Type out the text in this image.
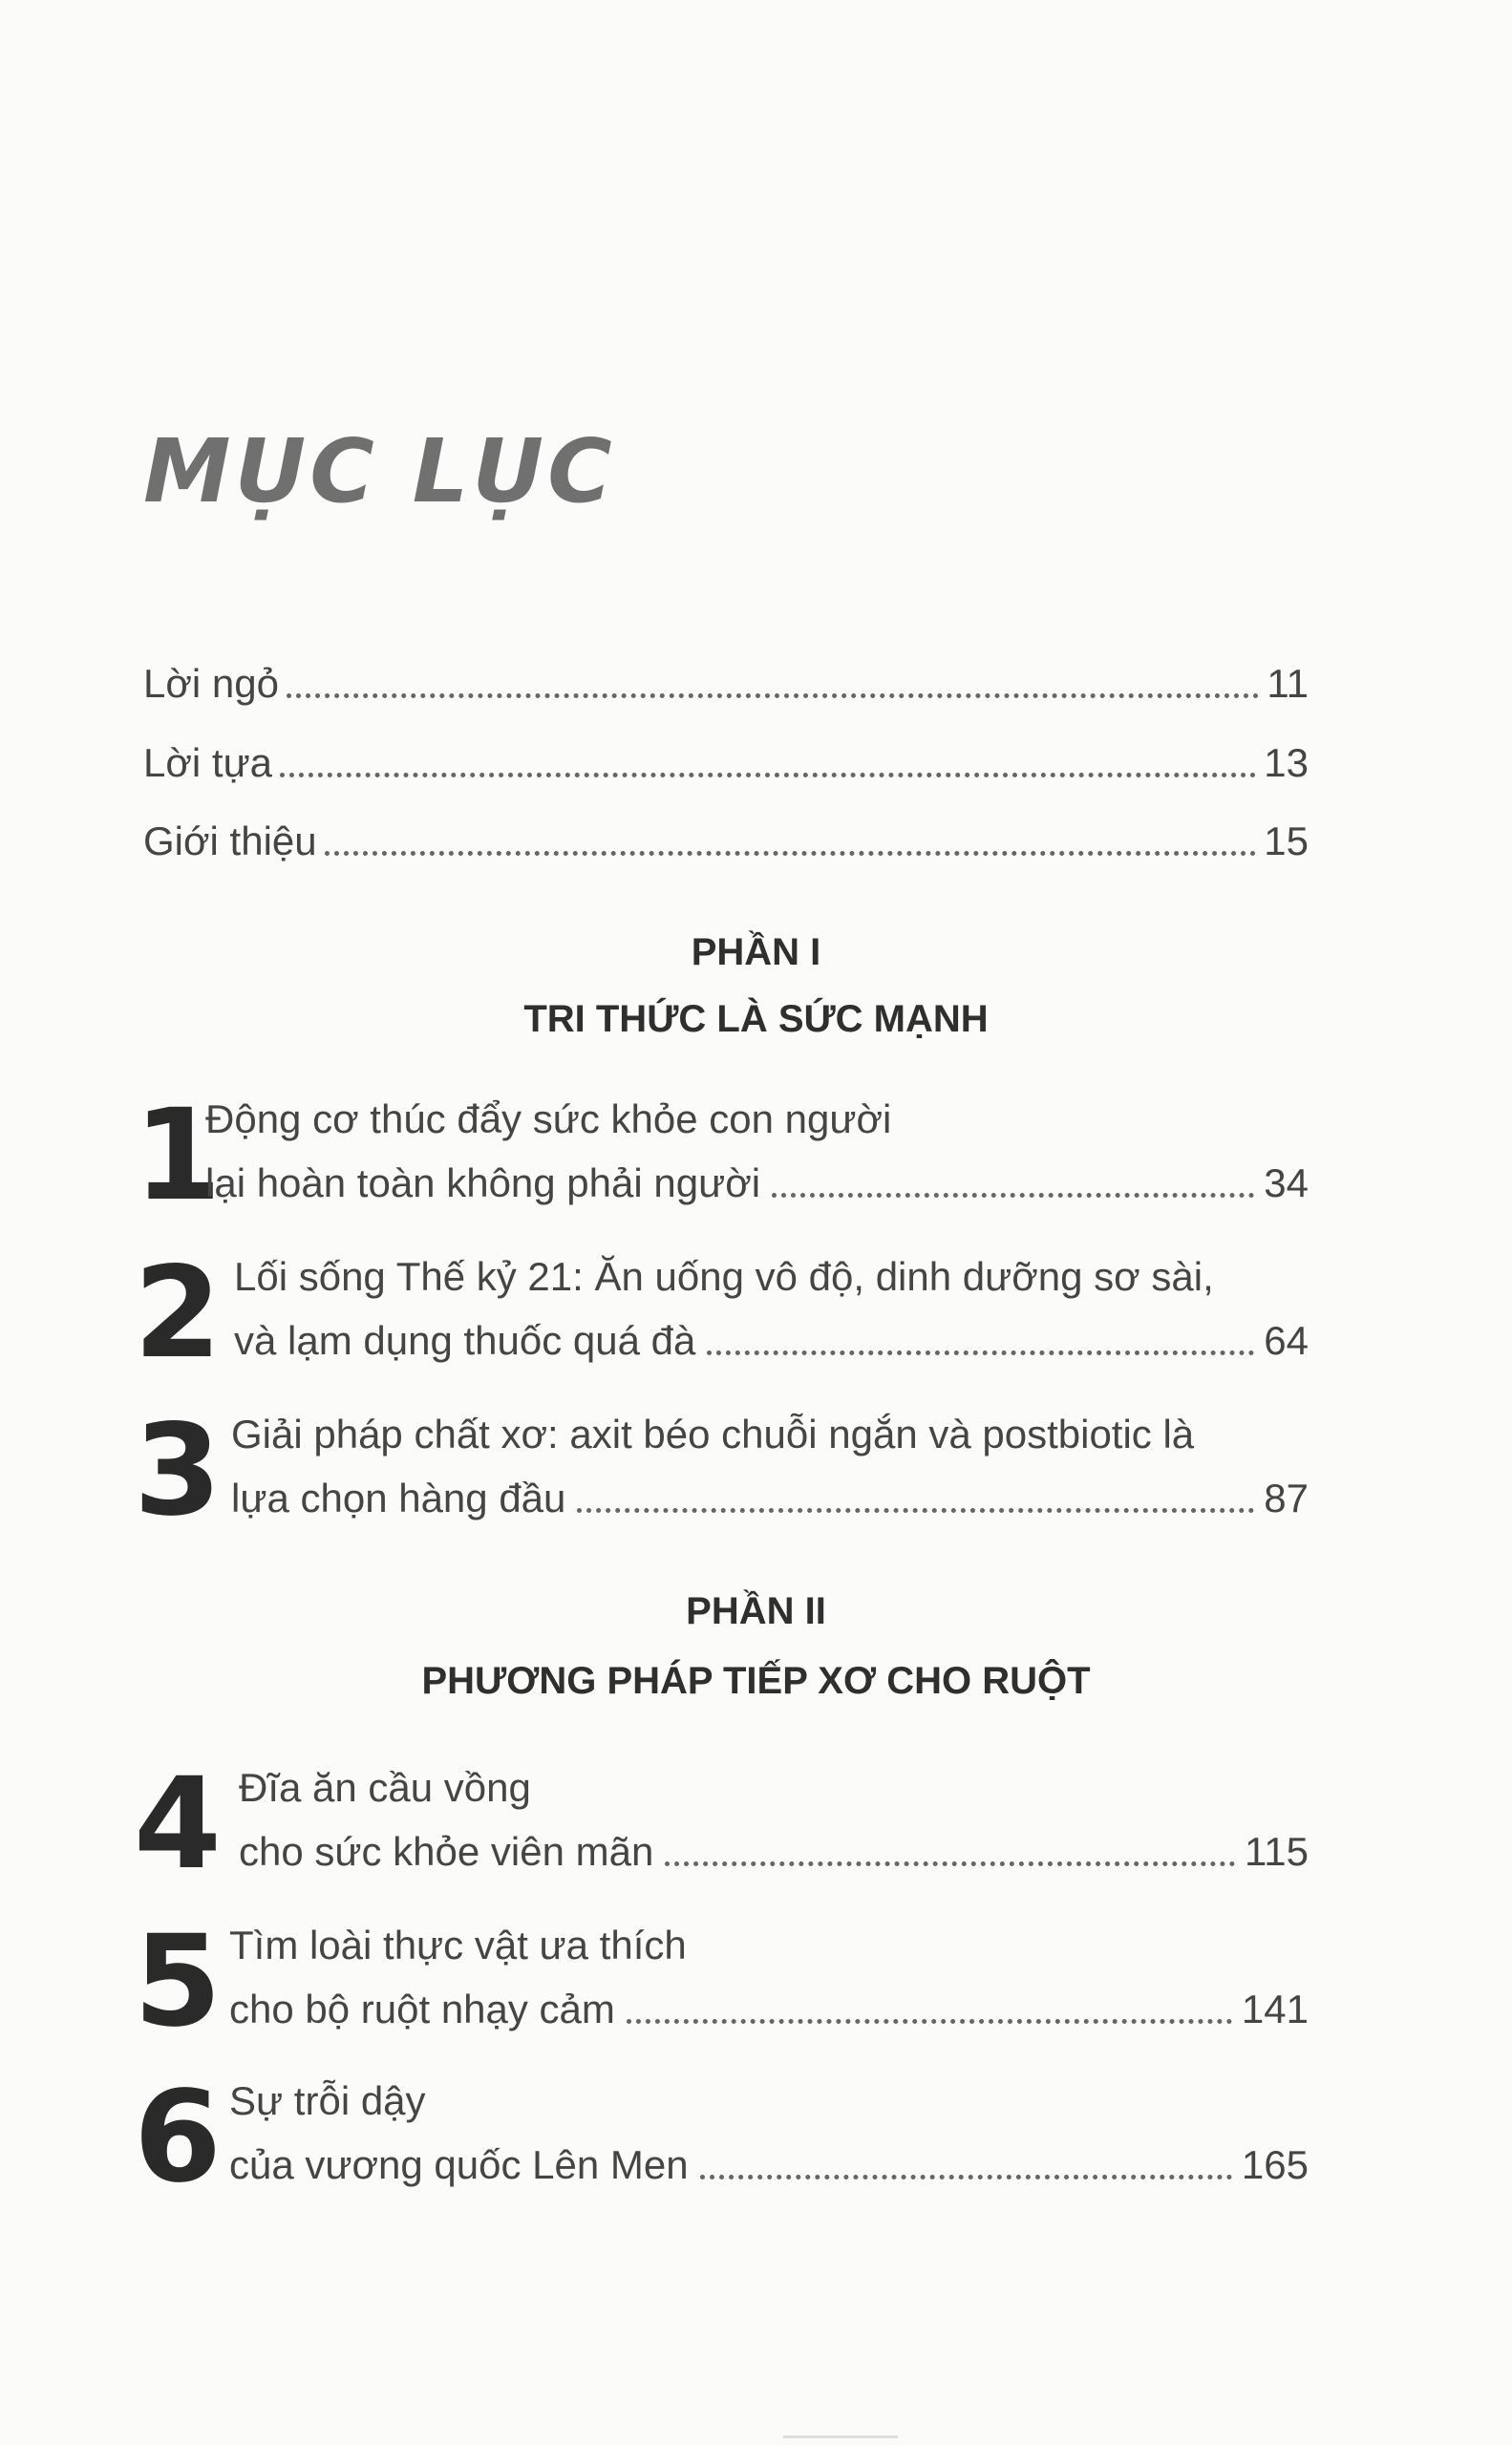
MỤC LỤC
Lời ngỏ	11
Lời tựa	13
Giới thiệu	15
PHẦN I
TRI THỨC LÀ SỨC MẠNH
1
Động cơ thúc đẩy sức khỏe con người
lại hoàn toàn không phải người	34
2 Lối sống Thế kỷ 21: Ăn uống vô độ, dinh dưỡng sơ sài,
và lạm dụng thuốc quá đà	64
3 Giải pháp chất xơ: axit béo chuỗi ngắn và postbiotic là
lựa chọn hàng đầu	87
PHẦN II
PHƯƠNG PHÁP TIẾP XƠ CHO RUỘT
4 Đĩa ăn cầu vồng
cho sức khỏe viên mãn	115
5 Tìm loài thực vật ưa thích
cho bộ ruột nhạy cảm	141
6 Sự trỗi dậy
của vương quốc Lên Men	165
